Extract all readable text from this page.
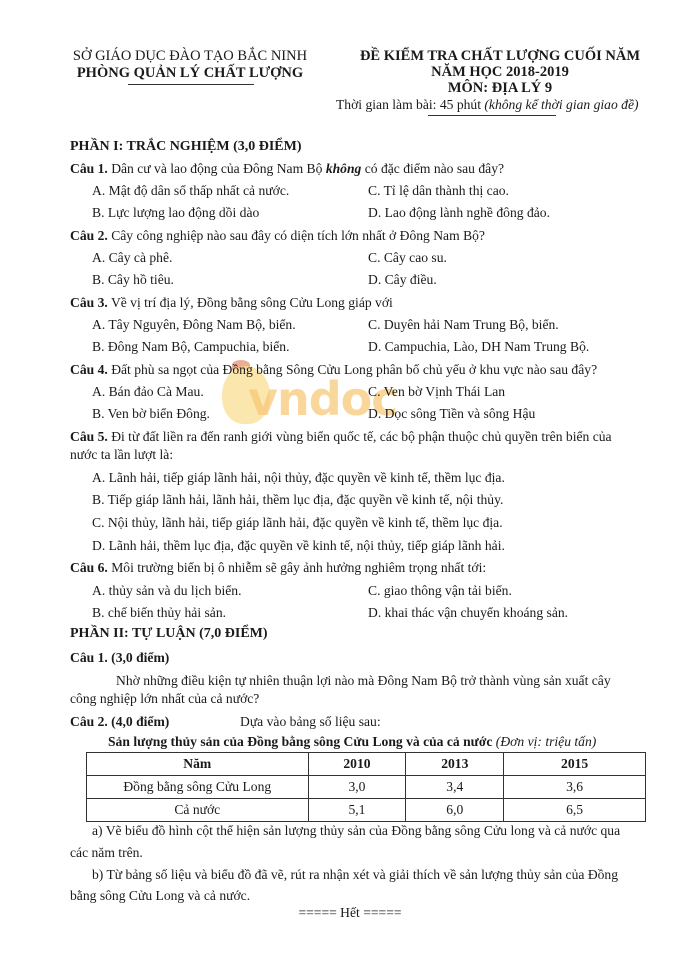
SỞ GIÁO DỤC ĐÀO TẠO BẮC NINH
PHÒNG QUẢN LÝ CHẤT LƯỢNG
ĐỀ KIỂM TRA CHẤT LƯỢNG CUỐI NĂM
NĂM HỌC 2018-2019
MÔN: ĐỊA LÝ 9
Thời gian làm bài: 45 phút (không kể thời gian giao đề)
vndoc
PHẦN I: TRẮC NGHIỆM (3,0 ĐIỂM)
Câu 1. Dân cư và lao động của Đông Nam Bộ không có đặc điểm nào sau đây?
A. Mật độ dân số thấp nhất cả nước.	C. Tỉ lệ dân thành thị cao.
B. Lực lượng lao động dồi dào	D. Lao động lành nghề đông đảo.
Câu 2. Cây công nghiệp nào sau đây có diện tích lớn nhất ở Đông Nam Bộ?
A. Cây cà phê.	C. Cây cao su.
B. Cây hồ tiêu.	D. Cây điều.
Câu 3. Về vị trí địa lý, Đồng bằng sông Cửu Long giáp với
A. Tây Nguyên, Đông Nam Bộ, biển.	C. Duyên hải Nam Trung Bộ, biển.
B. Đông Nam Bộ, Campuchia, biển.	D. Campuchia, Lào, DH Nam Trung Bộ.
Câu 4. Đất phù sa ngọt của Đồng bằng Sông Cửu Long phân bố chủ yếu ở khu vực nào sau đây?
A. Bán đảo Cà Mau.	C. Ven bờ Vịnh Thái Lan
B. Ven bờ biển Đông.	D. Dọc sông Tiền và sông Hậu
Câu 5. Đi từ đất liền ra đến ranh giới vùng biển quốc tế, các bộ phận thuộc chủ quyền trên biển của
nước ta lần lượt là:
A. Lãnh hải, tiếp giáp lãnh hải, nội thủy, đặc quyền về kinh tế, thềm lục địa.
B. Tiếp giáp lãnh hải, lãnh hải, thềm lục địa, đặc quyền về kinh tế, nội thủy.
C. Nội thủy, lãnh hải, tiếp giáp lãnh hải, đặc quyền về kinh tế, thềm lục địa.
D. Lãnh hải, thềm lục địa, đặc quyền về kinh tế, nội thủy, tiếp giáp lãnh hải.
Câu 6. Môi trường biển bị ô nhiễm sẽ gây ảnh hưởng nghiêm trọng nhất tới:
A. thủy sản và du lịch biển.	C. giao thông vận tải biển.
B. chế biến thủy hải sản.	D. khai thác vận chuyển khoáng sản.
PHẦN II: TỰ LUẬN (7,0 ĐIỂM)
Câu 1. (3,0 điểm)
Nhờ những điều kiện tự nhiên thuận lợi nào mà Đông Nam Bộ trở thành vùng sản xuất cây
công nghiệp lớn nhất của cả nước?
Câu 2. (4,0 điểm)	Dựa vào bảng số liệu sau:
Sản lượng thủy sản của Đồng bằng sông Cửu Long và của cả nước (Đơn vị: triệu tấn)
Năm	2010	2013	2015
Đồng bằng sông Cửu Long	3,0	3,4	3,6
Cả nước	5,1	6,0	6,5
a) Vẽ biểu đồ hình cột thể hiện sản lượng thủy sản của Đồng bằng sông Cửu long và cả nước qua
các năm trên.
b) Từ bảng số liệu và biểu đồ đã vẽ, rút ra nhận xét và giải thích về sản lượng thủy sản của Đồng
bằng sông Cửu Long và cả nước.
===== Hết =====
